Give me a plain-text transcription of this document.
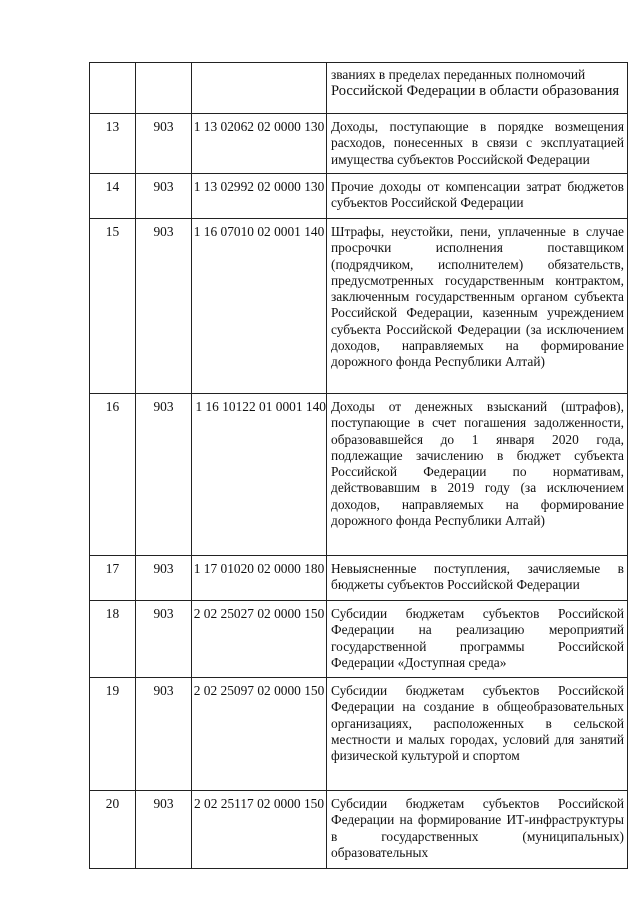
			званиях в пределах переданных полномочий
Российской Федерации в области образования

13	903	1 13 02062 02 0000 130	Доходы, поступающие в порядке возмещения расходов, понесенных в связи с эксплуатацией имущества субъектов Российской Федерации

14	903	1 13 02992 02 0000 130	Прочие доходы от компенсации затрат бюджетов субъектов Российской Федерации

15	903	1 16 07010 02 0001 140	Штрафы, неустойки, пени, уплаченные в случае просрочки исполнения поставщиком (подрядчиком, исполнителем) обязательств, предусмотренных государственным контрактом, заключенным государственным органом субъекта Российской Федерации, казенным учреждением субъекта Российской Федерации (за исключением доходов, направляемых на формирование дорожного фонда Республики Алтай)

16	903	1 16 10122 01 0001 140	Доходы от денежных взысканий (штрафов), поступающие в счет погашения задолженности, образовавшейся до 1 января 2020 года, подлежащие зачислению в бюджет субъекта Российской Федерации по нормативам, действовавшим в 2019 году (за исключением доходов, направляемых на формирование дорожного фонда Республики Алтай)

17	903	1 17 01020 02 0000 180	Невыясненные поступления, зачисляемые в бюджеты субъектов Российской Федерации

18	903	2 02 25027 02 0000 150	Субсидии бюджетам субъектов Российской Федерации на реализацию мероприятий государственной программы Российской Федерации «Доступная среда»

19	903	2 02 25097 02 0000 150	Субсидии бюджетам субъектов Российской Федерации на создание в общеобразовательных организациях, расположенных в сельской местности и малых городах, условий для занятий физической культурой и спортом

20	903	2 02 25117 02 0000 150	Субсидии бюджетам субъектов Российской Федерации на формирование ИТ-инфраструктуры в государственных (муниципальных) образовательных
